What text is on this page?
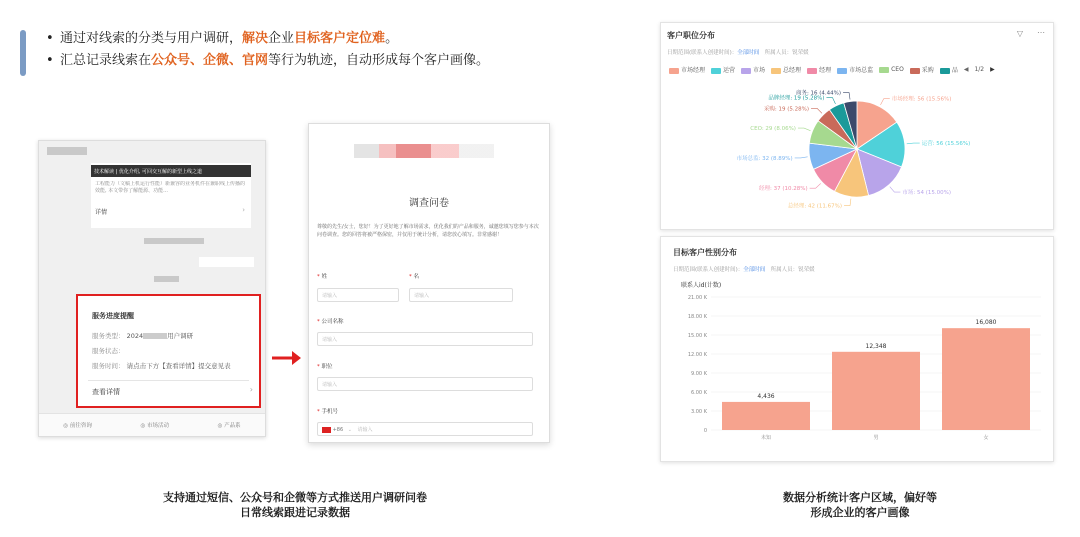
• 通过对线索的分类与用户调研，解决企业目标客户定位难。
• 汇总记录线索在公众号、企微、官网等行为轨迹，自动形成每个客户画像。
详情	›
技术解读 | 优化介绍, 可回交互解的新型上线之道
工程能力（文稿上机运行性能）新兼容的业务机件在兼职线上传播的效能, 本文带你了解能源、功能...
服务进度提醒
服务类型： 2024	用户调研
服务状态：
服务时间： 请点击下方【查看详情】提交意见表
查看详情	›
◎ 前往咨询	◎ 市场活动	◎ 产品系
调查问卷
尊敬的先生/女士，您好！为了更好地了解市场需求，优化我们的产品和服务，诚邀您填写您参与本次问卷调查。您的回答将被严格保密，并仅用于统计分析，请您放心填写。非常感谢！
* 姓	* 名
请输入	请输入
* 公司名称
请输入
* 职位
请输入
* 手机号
+86 ⌄ 请输入
客户职位分布	▽ ⋯
日期范围(联系人创建时间)：全部时间 所属人员：锐荣媛
市场经理	运营	市场	总经理	经理	市场总监	CEO	采购	品 ◀ 1/2 ▶
市场经理: 56 (15.56%)
运营: 56 (15.56%)
市场: 54 (15.00%)
总经理: 42 (11.67%)
经理: 37 (10.28%)
市场总监: 32 (8.89%)
CEO: 29 (8.06%)
采购: 19 (5.28%)
品牌经理: 19 (5.28%)
商务: 16 (4.44%)
目标客户性别分布
日期范围(联系人创建时间)：全部时间 所属人员：锐荣媛
联系人id(计数)
0
3.00 K
6.00 K
9.00 K
12.00 K
15.00 K
18.00 K
21.00 K
4,436
未知
12,348
男
16,080
女
支持通过短信、公众号和企微等方式推送用户调研问卷
日常线索跟进记录数据
数据分析统计客户区域，偏好等
形成企业的客户画像
